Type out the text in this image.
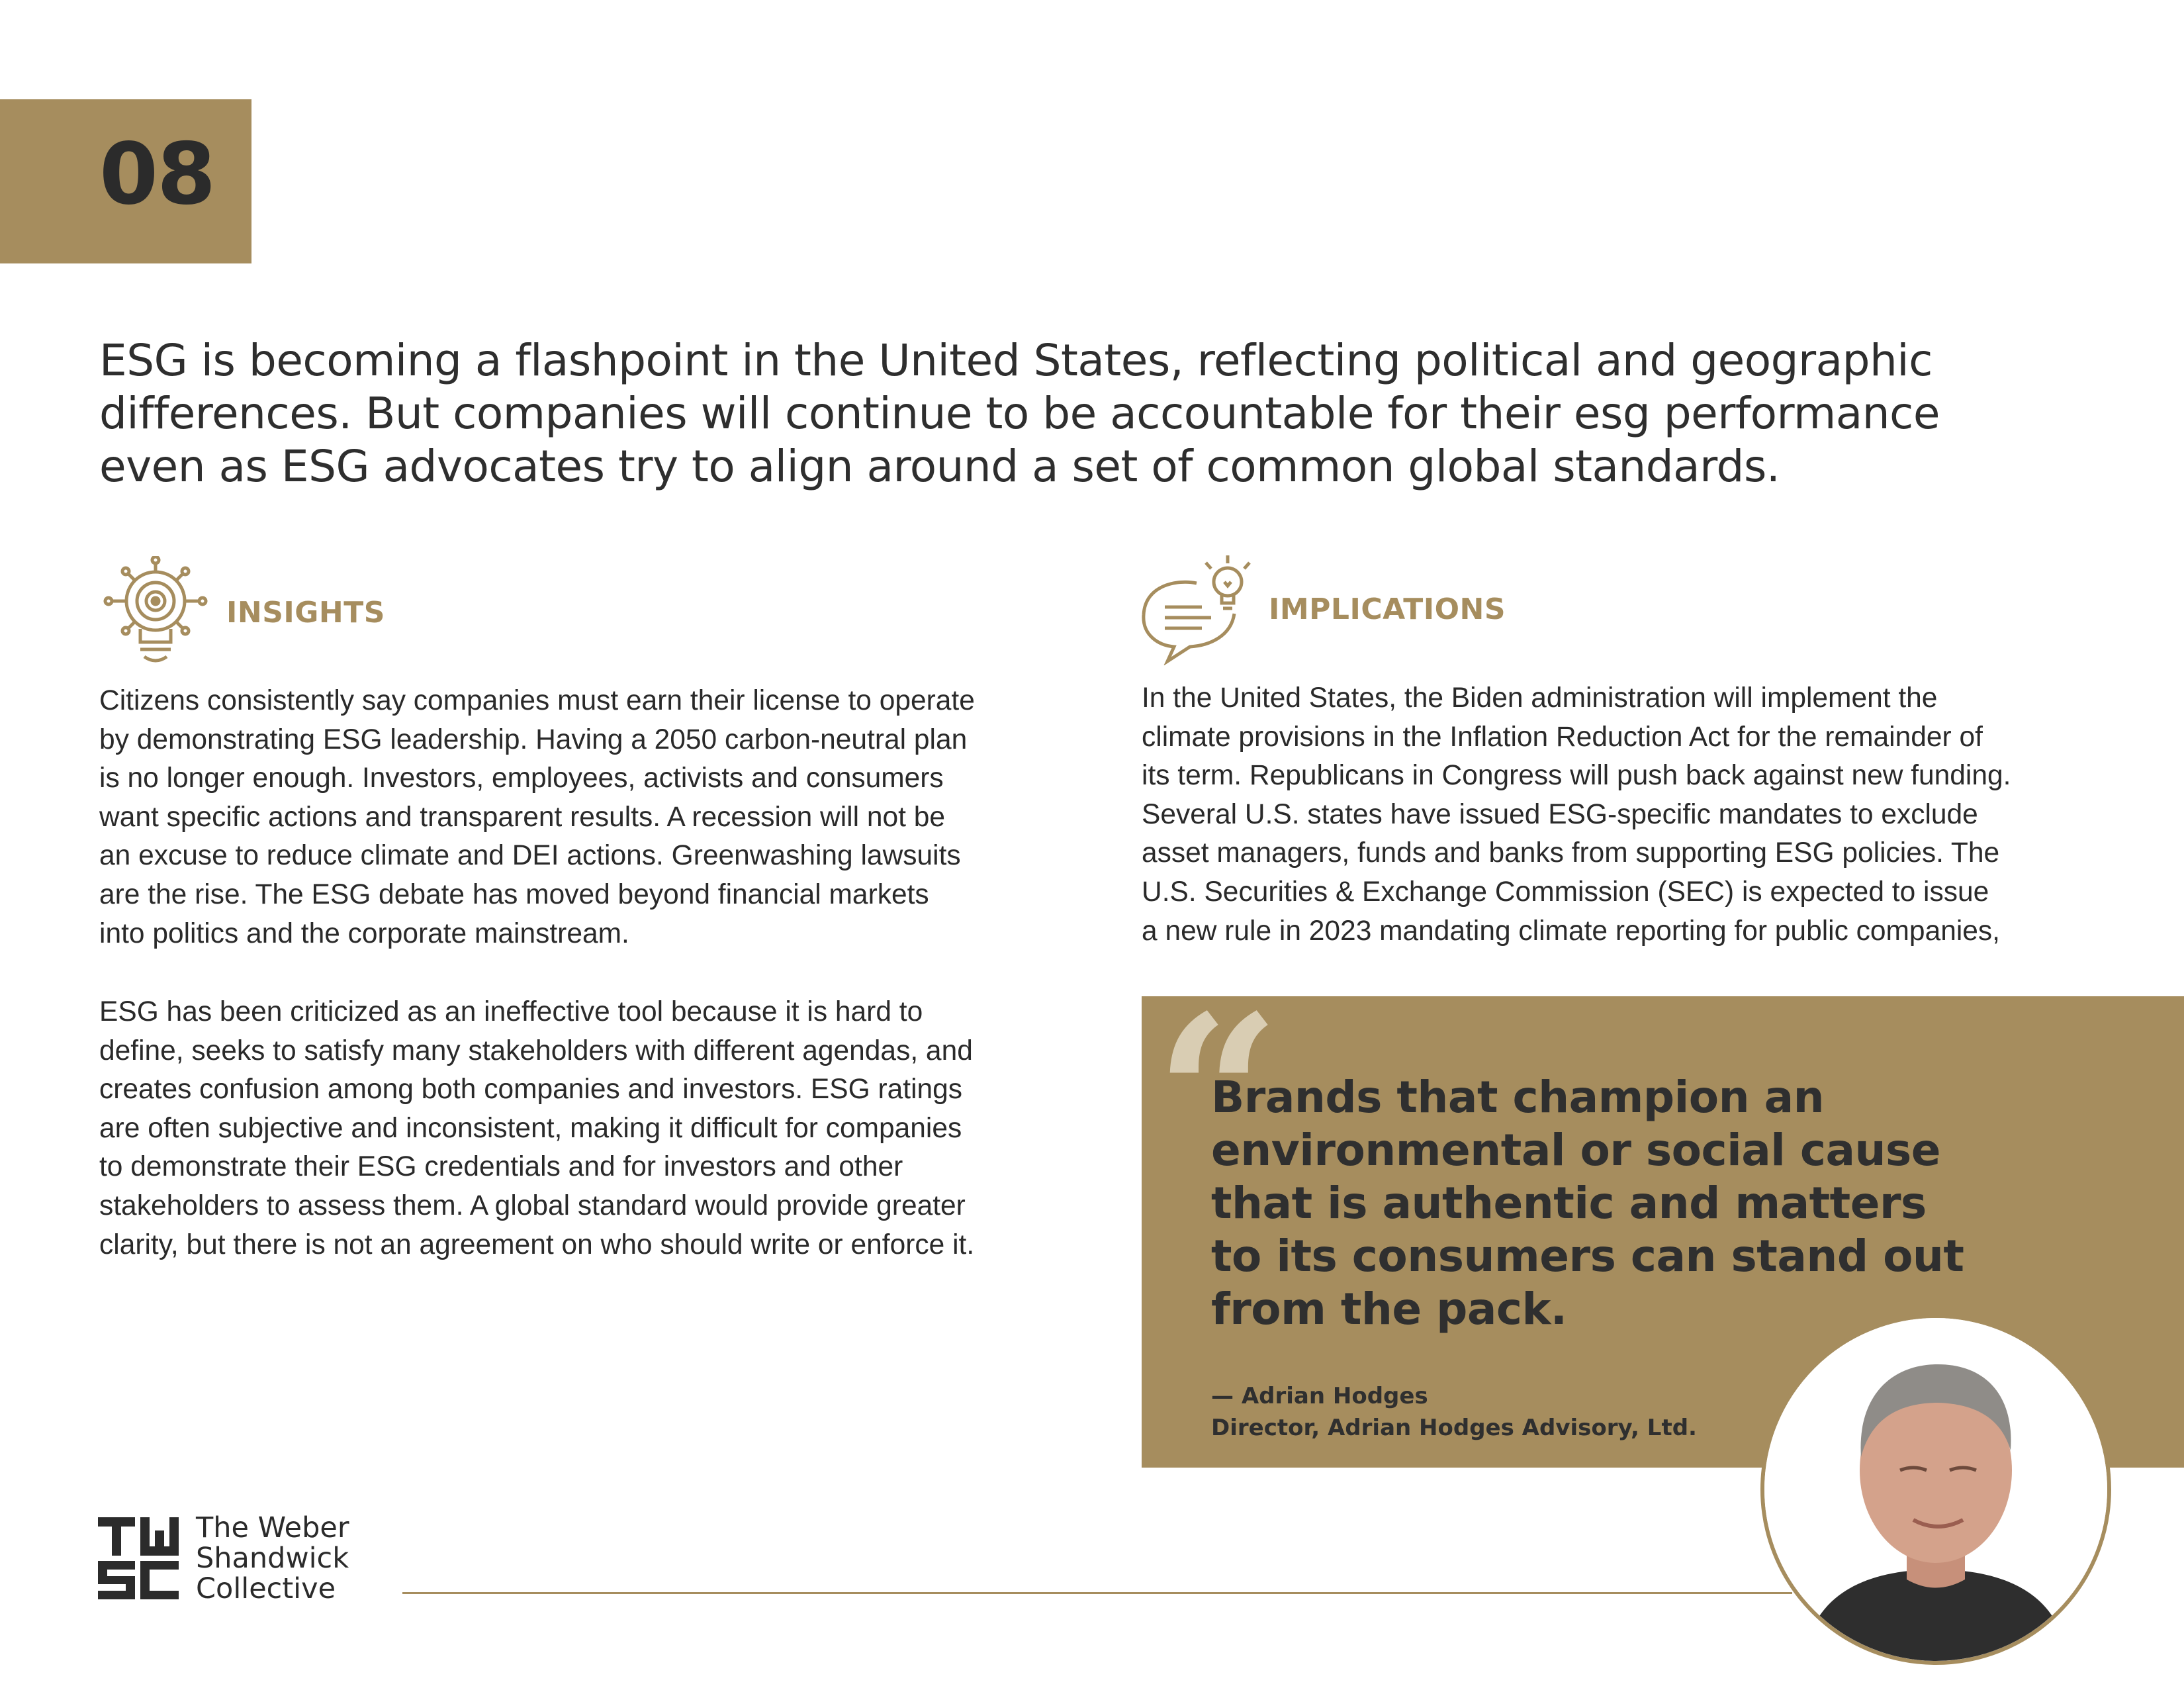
08
ESG is becoming a flashpoint in the United States, reflecting political and geographic
differences. But companies will continue to be accountable for their esg performance
even as ESG advocates try to align around a set of common global standards.
INSIGHTS
Citizens consistently say companies must earn their license to operate
by demonstrating ESG leadership. Having a 2050 carbon-neutral plan
is no longer enough. Investors, employees, activists and consumers
want specific actions and transparent results. A recession will not be
an excuse to reduce climate and DEI actions. Greenwashing lawsuits
are the rise. The ESG debate has moved beyond financial markets
into politics and the corporate mainstream.
ESG has been criticized as an ineffective tool because it is hard to
define, seeks to satisfy many stakeholders with different agendas, and
creates confusion among both companies and investors. ESG ratings
are often subjective and inconsistent, making it difficult for companies
to demonstrate their ESG credentials and for investors and other
stakeholders to assess them. A global standard would provide greater
clarity, but there is not an agreement on who should write or enforce it.
IMPLICATIONS
In the United States, the Biden administration will implement the
climate provisions in the Inflation Reduction Act for the remainder of
its term. Republicans in Congress will push back against new funding.
Several U.S. states have issued ESG-specific mandates to exclude
asset managers, funds and banks from supporting ESG policies. The
U.S. Securities & Exchange Commission (SEC) is expected to issue
a new rule in 2023 mandating climate reporting for public companies,
“
Brands that champion an
environmental or social cause
that is authentic and matters
to its consumers can stand out
from the pack.
— Adrian Hodges
Director, Adrian Hodges Advisory, Ltd.
The Weber
Shandwick
Collective
